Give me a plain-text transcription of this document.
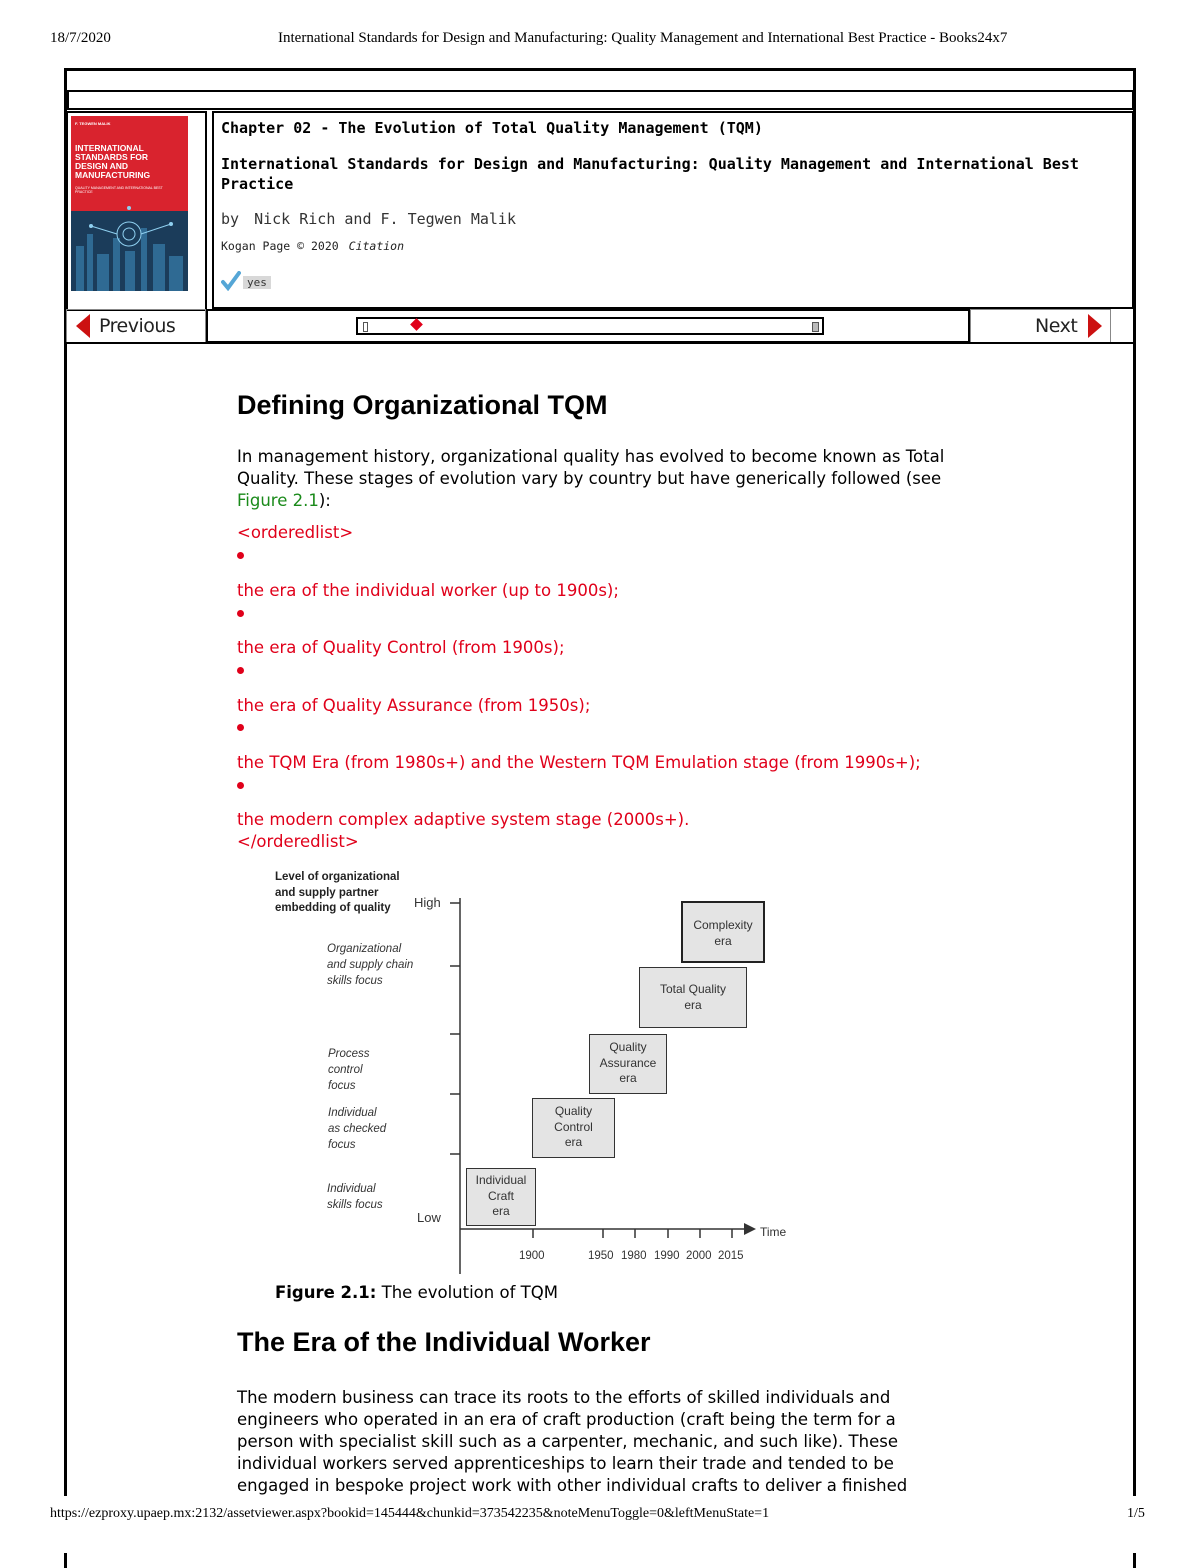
18/7/2020	International Standards for Design and Manufacturing: Quality Management and International Best Practice - Books24x7
F. TEGWEN MALIK
INTERNATIONAL STANDARDS FOR DESIGN AND MANUFACTURING
QUALITY MANAGEMENT AND INTERNATIONAL BEST PRACTICE
Chapter 02 - The Evolution of Total Quality Management (TQM)
International Standards for Design and Manufacturing: Quality Management and International Best Practice
by Nick Rich and F. Tegwen Malik
Kogan Page © 2020 Citation
yes
Previous	Next
Defining Organizational TQM
In management history, organizational quality has evolved to become known as Total
Quality. These stages of evolution vary by country but have generically followed (see
Figure 2.1):
<orderedlist>
the era of the individual worker (up to 1900s);
the era of Quality Control (from 1900s);
the era of Quality Assurance (from 1950s);
the TQM Era (from 1980s+) and the Western TQM Emulation stage (from 1990s+);
the modern complex adaptive system stage (2000s+).
</orderedlist>
Level of organizational
and supply partner
embedding of quality	High
Low
Organizational
and supply chain
skills focus
Process
control
focus
Individual
as checked
focus
Individual
skills focus
Individual
Craft
era
Quality
Control
era
Quality
Assurance
era
Total Quality
era
Complexity
era
Time
1900	1950 1980 1990 2000 2015
Figure 2.1: The evolution of TQM
The Era of the Individual Worker
The modern business can trace its roots to the efforts of skilled individuals and
engineers who operated in an era of craft production (craft being the term for a
person with specialist skill such as a carpenter, mechanic, and such like). These
individual workers served apprenticeships to learn their trade and tended to be
engaged in bespoke project work with other individual crafts to deliver a finished
https://ezproxy.upaep.mx:2132/assetviewer.aspx?bookid=145444&chunkid=373542235&noteMenuToggle=0&leftMenuState=1	1/5
